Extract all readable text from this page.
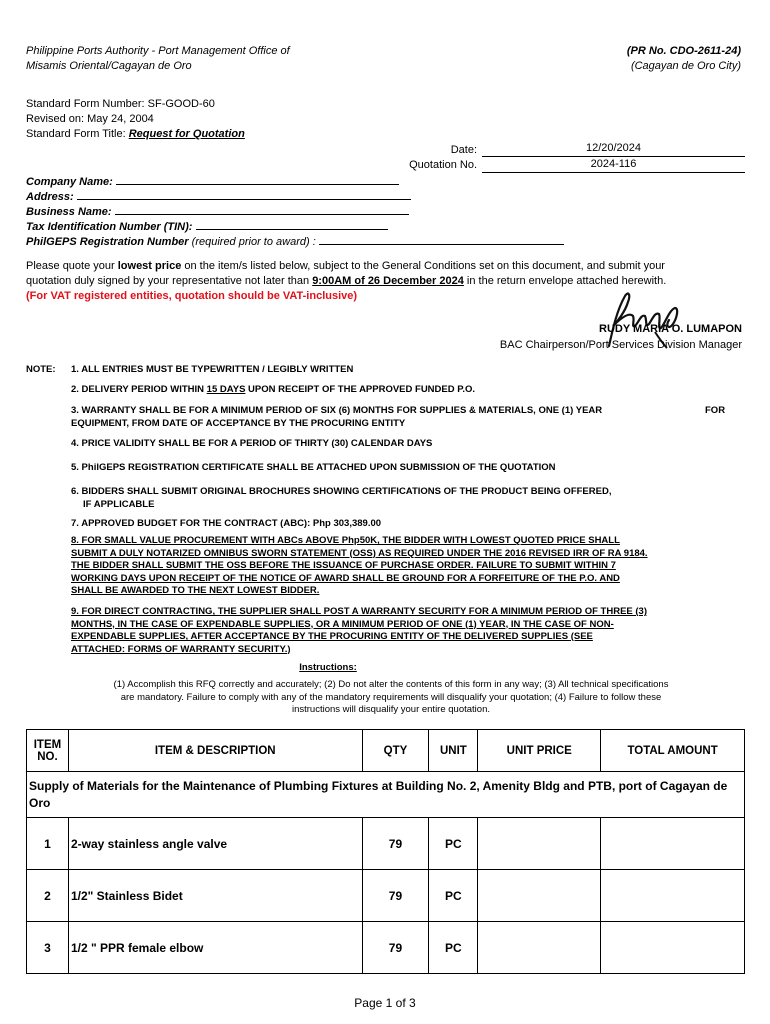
Philippine Ports Authority - Port Management Office of
Misamis Oriental/Cagayan de Oro
(PR No. CDO-2611-24)
(Cagayan de Oro City)
Standard Form Number: SF-GOOD-60
Revised on: May 24, 2004
Standard Form Title: Request for Quotation
Date:	12/20/2024
Quotation No.	2024-116
Company Name:
Address:
Business Name:
Tax Identification Number (TIN):
PhilGEPS Registration Number (required prior to award) :
Please quote your lowest price on the item/s listed below, subject to the General Conditions set on this document, and submit your
quotation duly signed by your representative not later than 9:00AM of 26 December 2024 in the return envelope attached herewith.
(For VAT registered entities, quotation should be VAT-inclusive)
RUDY MARIA O. LUMAPON
BAC Chairperson/Port Services Division Manager
NOTE: 1. ALL ENTRIES MUST BE TYPEWRITTEN / LEGIBLY WRITTEN
2. DELIVERY PERIOD WITHIN 15 DAYS UPON RECEIPT OF THE APPROVED FUNDED P.O.
3. WARRANTY SHALL BE FOR A MINIMUM PERIOD OF SIX (6) MONTHS FOR SUPPLIES & MATERIALS, ONE (1) YEAR	FOR
EQUIPMENT, FROM DATE OF ACCEPTANCE BY THE PROCURING ENTITY
4. PRICE VALIDITY SHALL BE FOR A PERIOD OF THIRTY (30) CALENDAR DAYS
5. PhilGEPS REGISTRATION CERTIFICATE SHALL BE ATTACHED UPON SUBMISSION OF THE QUOTATION
6. BIDDERS SHALL SUBMIT ORIGINAL BROCHURES SHOWING CERTIFICATIONS OF THE PRODUCT BEING OFFERED,
IF APPLICABLE
7. APPROVED BUDGET FOR THE CONTRACT (ABC): Php 303,389.00
8. FOR SMALL VALUE PROCUREMENT WITH ABCs ABOVE Php50K, THE BIDDER WITH LOWEST QUOTED PRICE SHALL
SUBMIT A DULY NOTARIZED OMNIBUS SWORN STATEMENT (OSS) AS REQUIRED UNDER THE 2016 REVISED IRR OF RA 9184.
THE BIDDER SHALL SUBMIT THE OSS BEFORE THE ISSUANCE OF PURCHASE ORDER. FAILURE TO SUBMIT WITHIN 7
WORKING DAYS UPON RECEIPT OF THE NOTICE OF AWARD SHALL BE GROUND FOR A FORFEITURE OF THE P.O. AND
SHALL BE AWARDED TO THE NEXT LOWEST BIDDER.
9. FOR DIRECT CONTRACTING, THE SUPPLIER SHALL POST A WARRANTY SECURITY FOR A MINIMUM PERIOD OF THREE (3)
MONTHS, IN THE CASE OF EXPENDABLE SUPPLIES, OR A MINIMUM PERIOD OF ONE (1) YEAR, IN THE CASE OF NON-
EXPENDABLE SUPPLIES, AFTER ACCEPTANCE BY THE PROCURING ENTITY OF THE DELIVERED SUPPLIES (SEE
ATTACHED: FORMS OF WARRANTY SECURITY.)
Instructions:
(1) Accomplish this RFQ correctly and accurately; (2) Do not alter the contents of this form in any way; (3) All technical specifications
are mandatory. Failure to comply with any of the mandatory requirements will disqualify your quotation; (4) Failure to follow these
instructions will disqualify your entire quotation.
ITEM
NO.	ITEM & DESCRIPTION	QTY	UNIT	UNIT PRICE	TOTAL AMOUNT
Supply of Materials for the Maintenance of Plumbing Fixtures at Building No. 2, Amenity Bldg and PTB, port of Cagayan de Oro					
1	2-way stainless angle valve	79	PC		
2	1/2" Stainless Bidet	79	PC		
3	1/2 " PPR female elbow	79	PC		
Page 1 of 3
